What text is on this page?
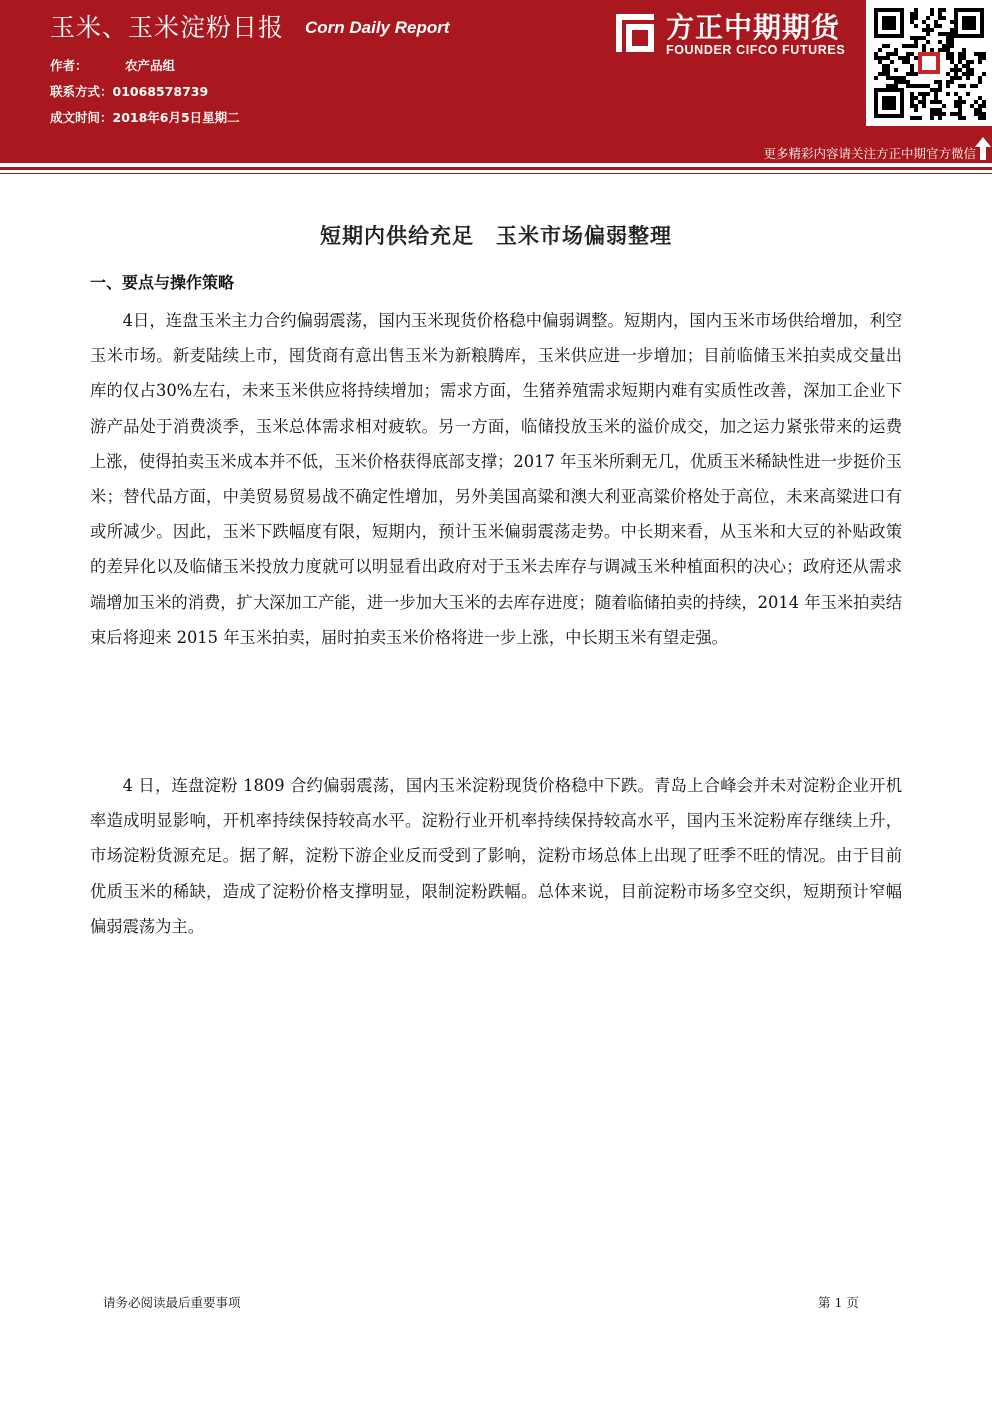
玉米、玉米淀粉日报 Corn Daily Report
作者：	农产品组
联系方式：01068578739
成文时间：2018年6月5日星期二
方正中期期货
FOUNDER CIFCO FUTURES
更多精彩内容请关注方正中期官方微信
短期内供给充足　玉米市场偏弱整理
一、要点与操作策略

4日，连盘玉米主力合约偏弱震荡，国内玉米现货价格稳中偏弱调整。短期内，国内玉米市场供给增加，利空玉米市场。新麦陆续上市，囤货商有意出售玉米为新粮腾库，玉米供应进一步增加；目前临储玉米拍卖成交量出库的仅占30%左右，未来玉米供应将持续增加；需求方面，生猪养殖需求短期内难有实质性改善，深加工企业下游产品处于消费淡季，玉米总体需求相对疲软。另一方面，临储投放玉米的溢价成交，加之运力紧张带来的运费上涨，使得拍卖玉米成本并不低，玉米价格获得底部支撑；2017 年玉米所剩无几，优质玉米稀缺性进一步挺价玉米；替代品方面，中美贸易贸易战不确定性增加，另外美国高粱和澳大利亚高粱价格处于高位，未来高粱进口有或所减少。因此，玉米下跌幅度有限，短期内，预计玉米偏弱震荡走势。中长期来看，从玉米和大豆的补贴政策的差异化以及临储玉米投放力度就可以明显看出政府对于玉米去库存与调减玉米种植面积的决心；政府还从需求端增加玉米的消费，扩大深加工产能，进一步加大玉米的去库存进度；随着临储拍卖的持续，2014 年玉米拍卖结束后将迎来 2015 年玉米拍卖，届时拍卖玉米价格将进一步上涨，中长期玉米有望走强。

4 日，连盘淀粉 1809 合约偏弱震荡，国内玉米淀粉现货价格稳中下跌。青岛上合峰会并未对淀粉企业开机率造成明显影响，开机率持续保持较高水平。淀粉行业开机率持续保持较高水平，国内玉米淀粉库存继续上升，市场淀粉货源充足。据了解，淀粉下游企业反而受到了影响，淀粉市场总体上出现了旺季不旺的情况。由于目前优质玉米的稀缺，造成了淀粉价格支撑明显，限制淀粉跌幅。总体来说，目前淀粉市场多空交织，短期预计窄幅偏弱震荡为主。

请务必阅读最后重要事项	第 1 页
